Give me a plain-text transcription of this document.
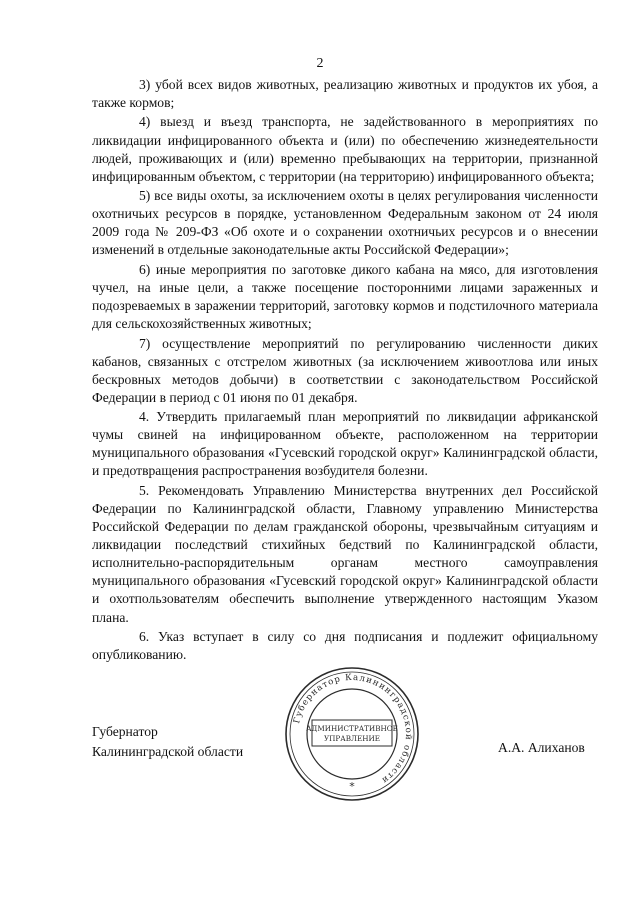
2

3) убой всех видов животных, реализацию животных и продуктов их убоя, а также кормов;

4) выезд и въезд транспорта, не задействованного в мероприятиях по ликвидации инфицированного объекта и (или) по обеспечению жизнедеятельности людей, проживающих и (или) временно пребывающих на территории, признанной инфицированным объектом, с территории (на территорию) инфицированного объекта;

5) все виды охоты, за исключением охоты в целях регулирования численности охотничьих ресурсов в порядке, установленном Федеральным законом от 24 июля 2009 года № 209-ФЗ «Об охоте и о сохранении охотничьих ресурсов и о внесении изменений в отдельные законодательные акты Российской Федерации»;

6) иные мероприятия по заготовке дикого кабана на мясо, для изготовления чучел, на иные цели, а также посещение посторонними лицами зараженных и подозреваемых в заражении территорий, заготовку кормов и подстилочного материала для сельскохозяйственных животных;

7) осуществление мероприятий по регулированию численности диких кабанов, связанных с отстрелом животных (за исключением живоотлова или иных бескровных методов добычи) в соответствии с законодательством Российской Федерации в период с 01 июня по 01 декабря.

4. Утвердить прилагаемый план мероприятий по ликвидации африканской чумы свиней на инфицированном объекте, расположенном на территории муниципального образования «Гусевский городской округ» Калининградской области, и предотвращения распространения возбудителя болезни.

5. Рекомендовать Управлению Министерства внутренних дел Российской Федерации по Калининградской области, Главному управлению Министерства Российской Федерации по делам гражданской обороны, чрезвычайным ситуациям и ликвидации последствий стихийных бедствий по Калининградской области, исполнительно-распорядительным органам местного самоуправления муниципального образования «Гусевский городской округ» Калининградской области и охотпользователям обеспечить выполнение утвержденного настоящим Указом плана.

6. Указ вступает в силу со дня подписания и подлежит официальному опубликованию.

Губернатор
Калининградской области	А.А. Алиханов
Губернатор Калининградской области
АДМИНИСТРАТИВНОЕ
УПРАВЛЕНИЕ
*
